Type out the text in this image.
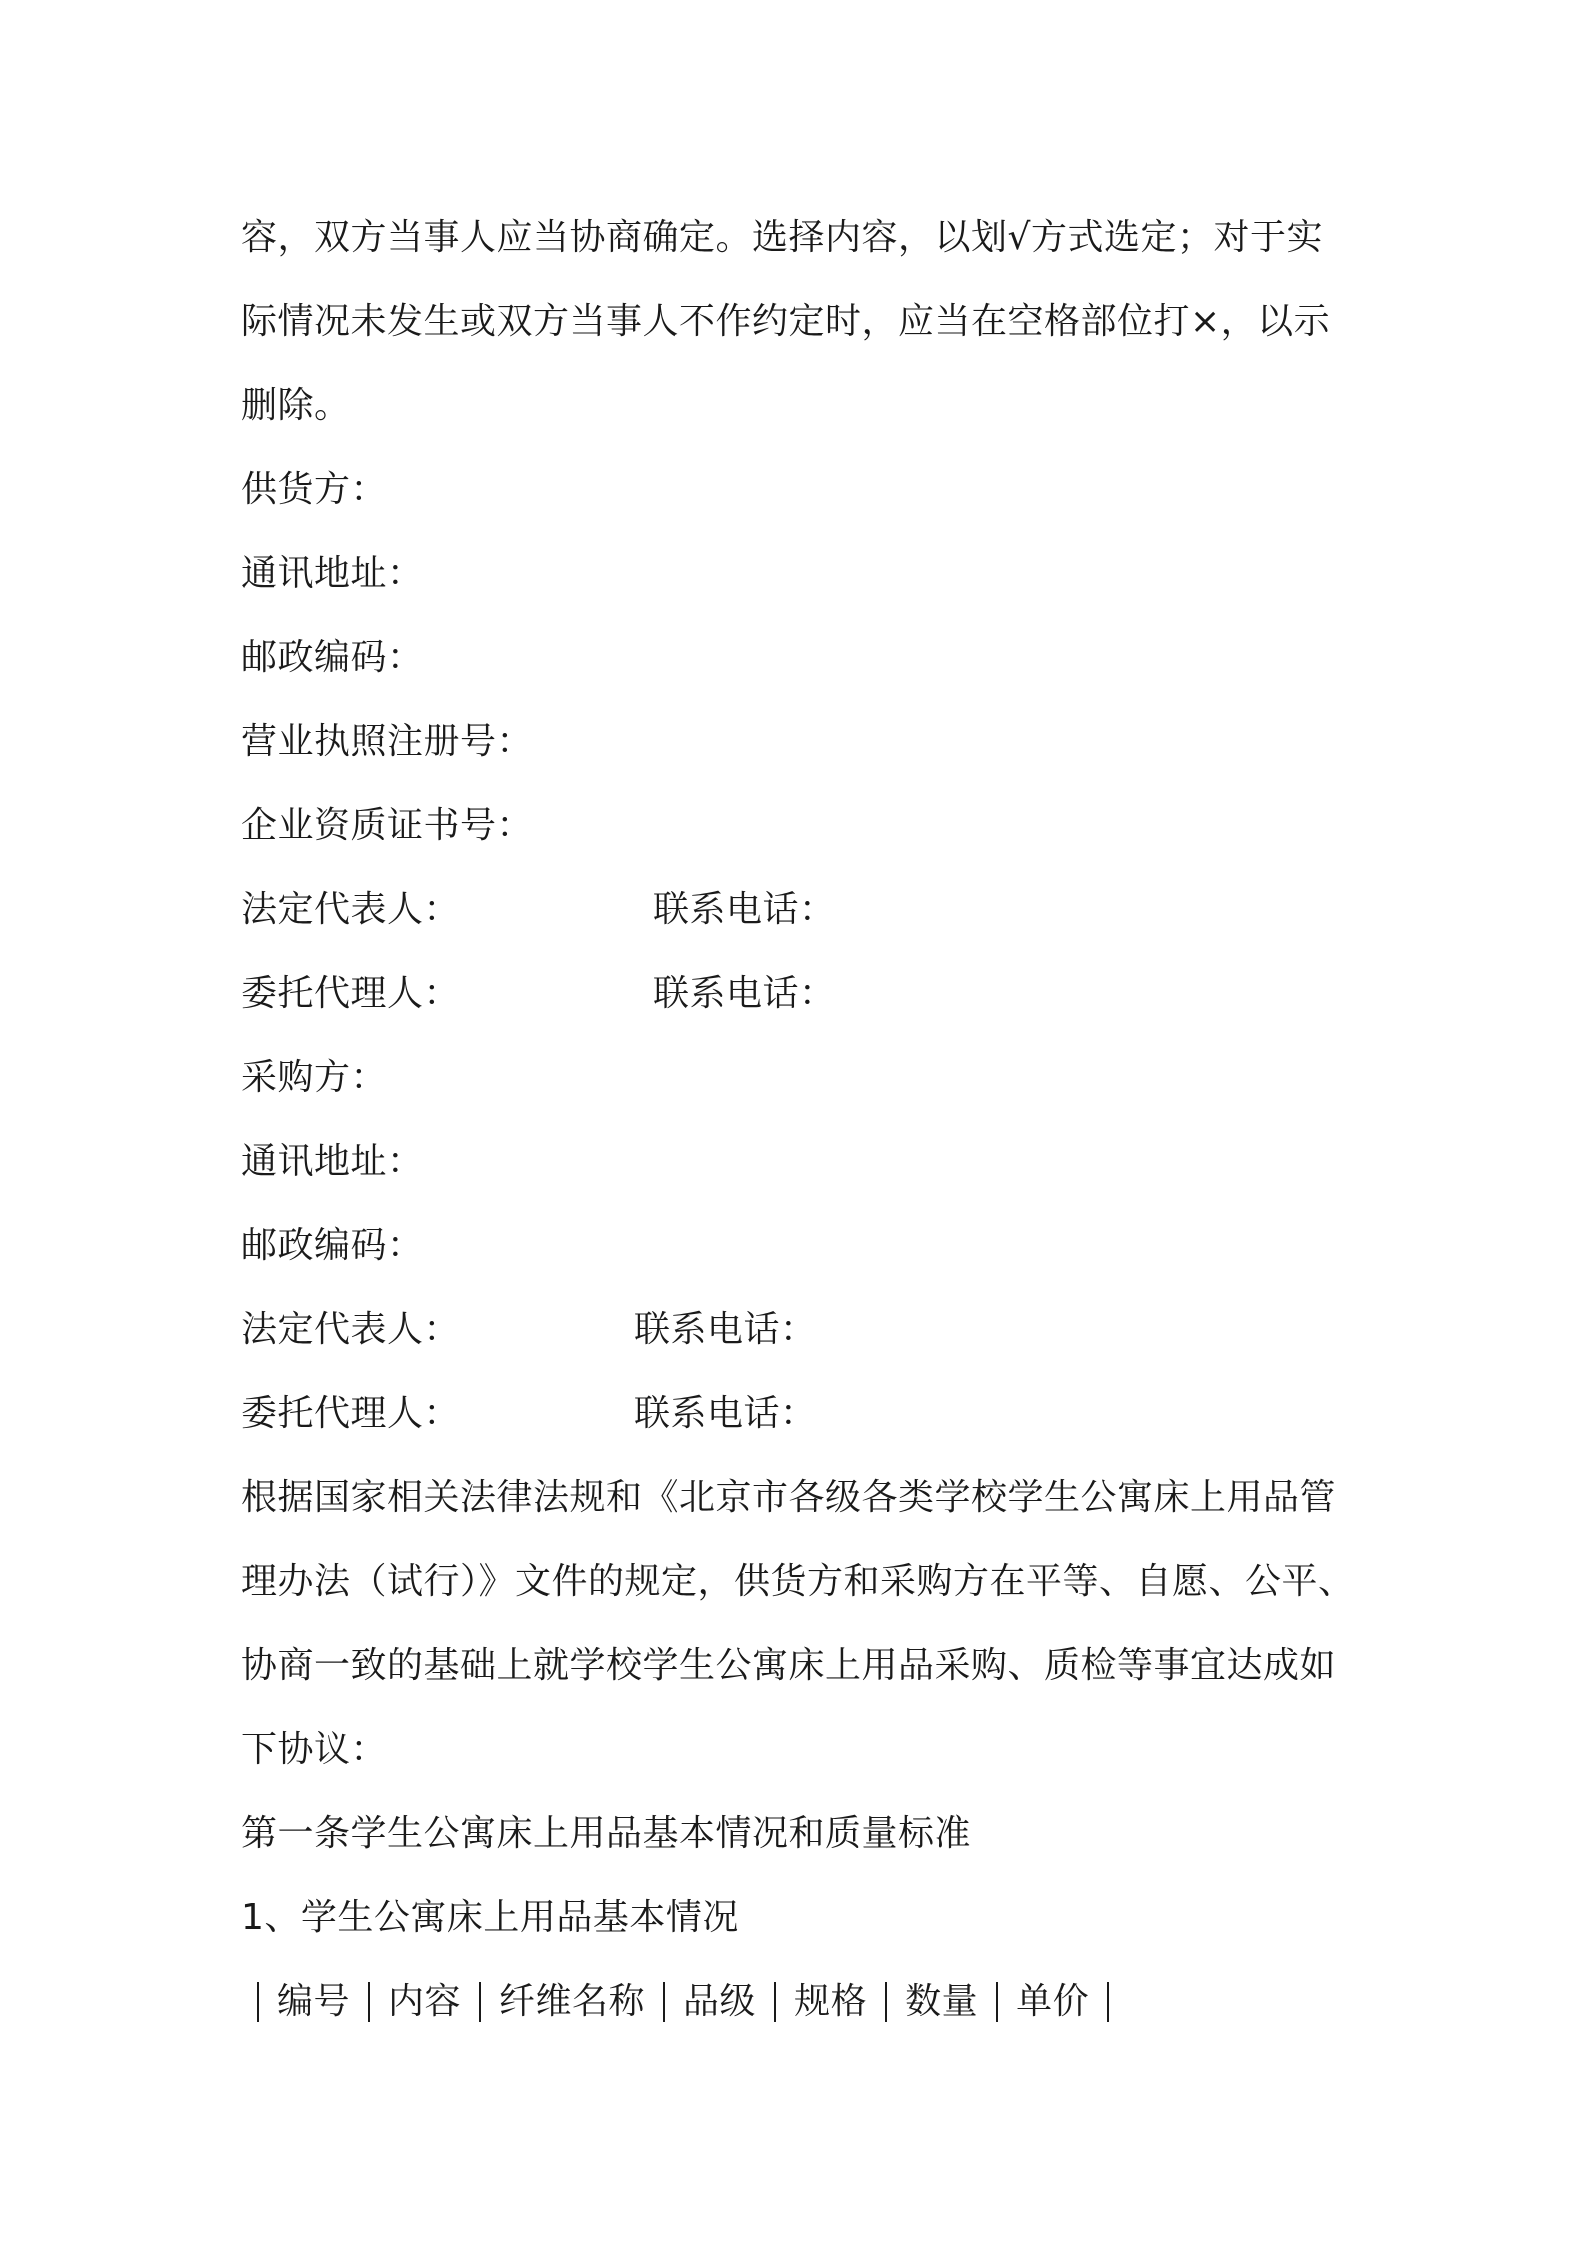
容，双方当事人应当协商确定。选择内容，以划√方式选定；对于实
际情况未发生或双方当事人不作约定时，应当在空格部位打×，以示
删除。
供货方：
通讯地址：
邮政编码：
营业执照注册号：
企业资质证书号：
法定代表人：	联系电话：
委托代理人：	联系电话：
采购方：
通讯地址：
邮政编码：
法定代表人：	联系电话：
委托代理人：	联系电话：
根据国家相关法律法规和《北京市各级各类学校学生公寓床上用品管
理办法（试行）》文件的规定，供货方和采购方在平等、自愿、公平、
协商一致的基础上就学校学生公寓床上用品采购、质检等事宜达成如
下协议：
第一条学生公寓床上用品基本情况和质量标准
1、学生公寓床上用品基本情况
编号 内容 纤维名称 品级 规格 数量 单价
